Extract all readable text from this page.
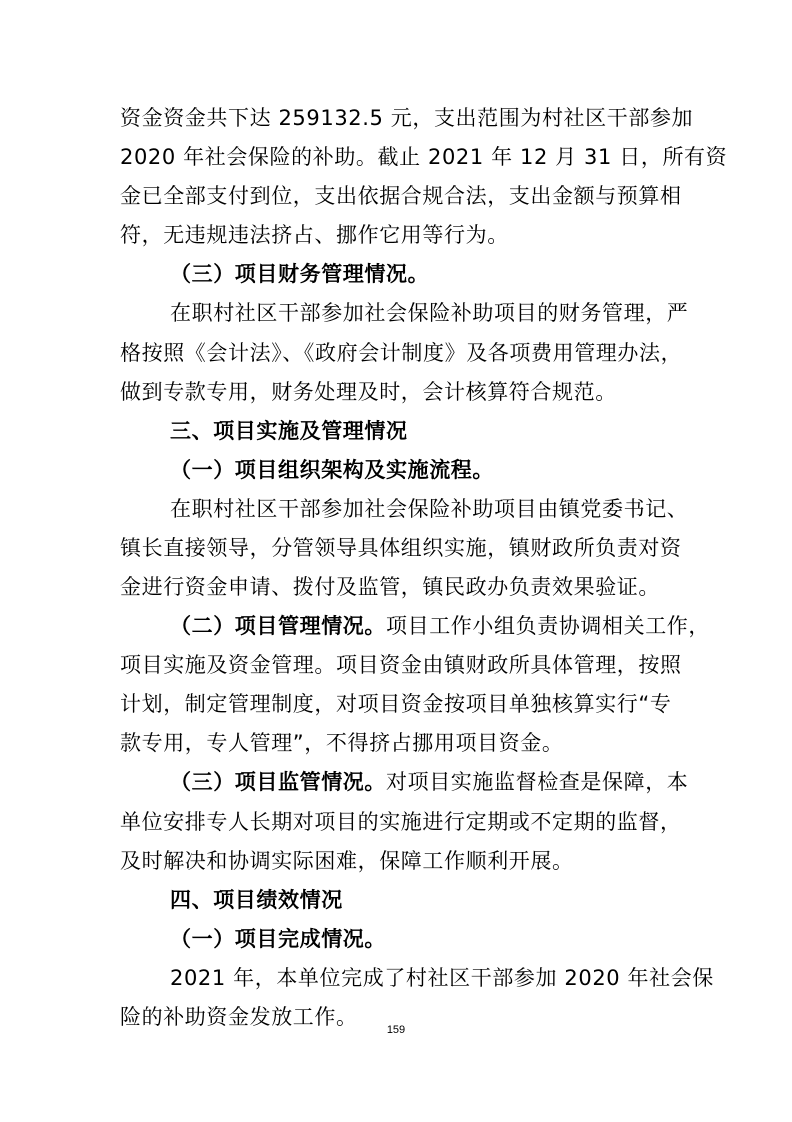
资金资金共下达 259132.5 元，支出范围为村社区干部参加
2020 年社会保险的补助。截止 2021 年 12 月 31 日，所有资
金已全部支付到位，支出依据合规合法，支出金额与预算相
符，无违规违法挤占、挪作它用等行为。
（三）项目财务管理情况。
在职村社区干部参加社会保险补助项目的财务管理，严
格按照《会计法》、《政府会计制度》及各项费用管理办法，
做到专款专用，财务处理及时，会计核算符合规范。
三、项目实施及管理情况
（一）项目组织架构及实施流程。
在职村社区干部参加社会保险补助项目由镇党委书记、
镇长直接领导，分管领导具体组织实施，镇财政所负责对资
金进行资金申请、拨付及监管，镇民政办负责效果验证。
（二）项目管理情况。项目工作小组负责协调相关工作，
项目实施及资金管理。项目资金由镇财政所具体管理，按照
计划，制定管理制度，对项目资金按项目单独核算实行“专
款专用，专人管理”，不得挤占挪用项目资金。
（三）项目监管情况。对项目实施监督检查是保障，本
单位安排专人长期对项目的实施进行定期或不定期的监督，
及时解决和协调实际困难，保障工作顺利开展。
四、项目绩效情况
（一）项目完成情况。
2021 年，本单位完成了村社区干部参加 2020 年社会保
险的补助资金发放工作。
159
